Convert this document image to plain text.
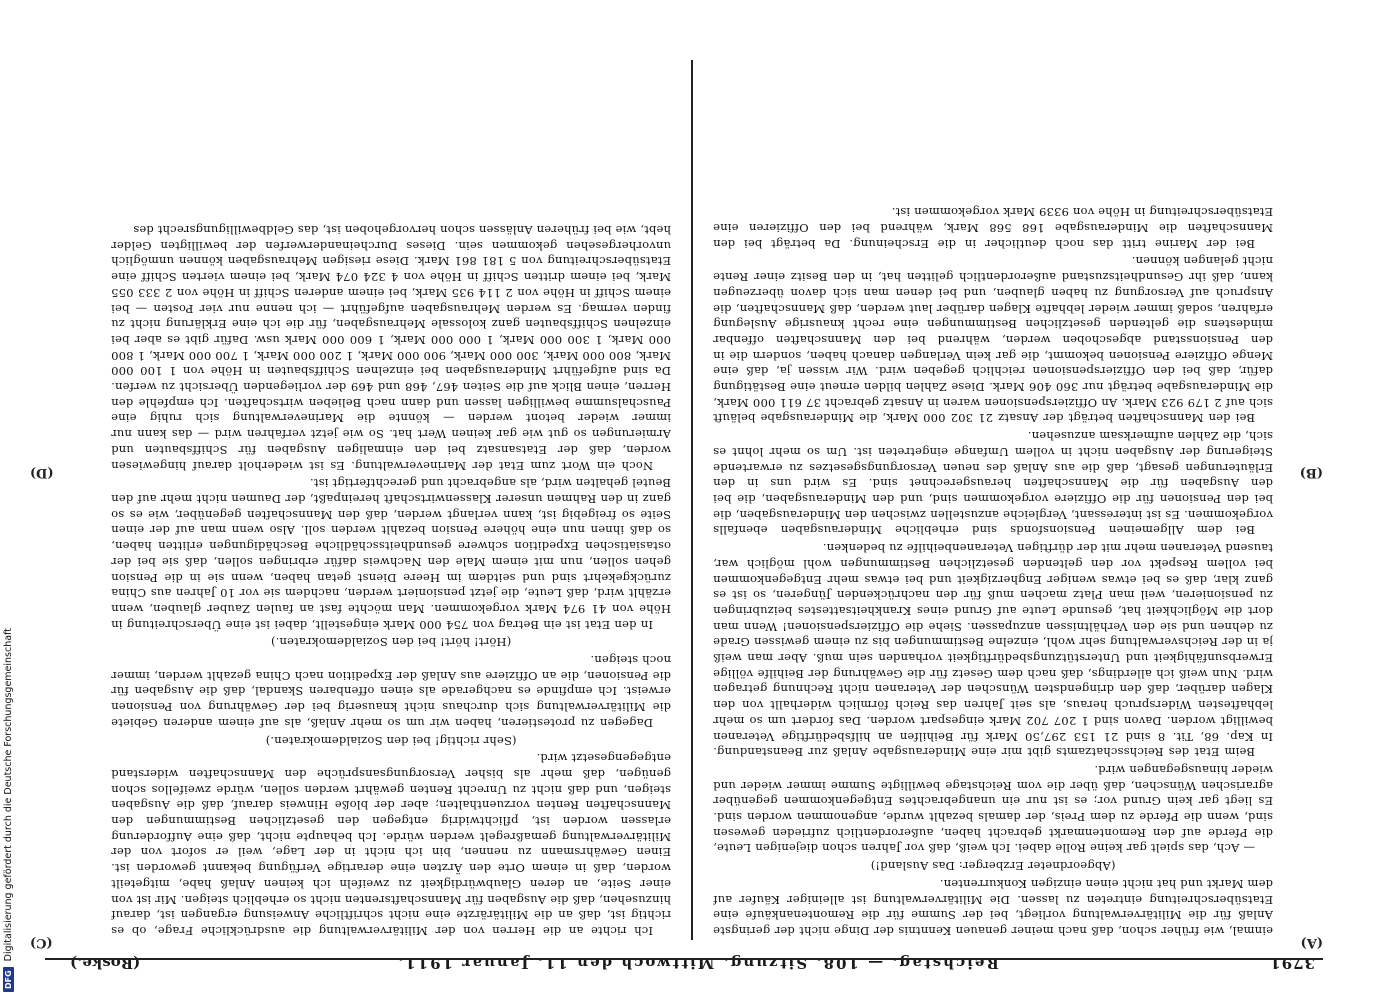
3791
Reichstag. — 108. Sitzung. Mittwoch den 11. Januar 1911.
(Roske.)
(A)
(B)
(C)
(D)

einmal, wie früher schon, daß nach meiner genauen Kenntnis der Dinge nicht der geringste Anlaß für die Militärverwaltung vorliegt, bei der Summe für die Remontenankäufe eine Etatsüberschreitung eintreten zu lassen. Die Militärverwaltung ist alleiniger Käufer auf dem Markt und hat nicht einen einzigen Konkurrenten.

(Abgeordneter Erzberger: Das Ausland!)

— Ach, das spielt gar keine Rolle dabei. Ich weiß, daß vor Jahren schon diejenigen Leute, die Pferde auf den Remontenmarkt gebracht haben, außerordentlich zufrieden gewesen sind, wenn die Pferde zu dem Preis, der damals bezahlt wurde, angenommen worden sind. Es liegt gar kein Grund vor; es ist nur ein unangebrachtes Entgegenkommen gegenüber agrarischen Wünschen, daß über die vom Reichstage bewilligte Summe immer wieder und wieder hinausgegangen wird.

Beim Etat des Reichsschatzamts gibt mir eine Minderausgabe Anlaß zur Beanstandung. In Kap. 68, Tit. 8 sind 21 153 297,50 Mark für Beihilfen an hilfsbedürftige Veteranen bewilligt worden. Davon sind 1 207 702 Mark eingespart worden. Das fordert um so mehr lebhaftesten Widerspruch heraus, als seit Jahren das Reich förmlich widerhallt von den Klagen darüber, daß den dringendsten Wünschen der Veteranen nicht Rechnung getragen wird. Nun weiß ich allerdings, daß nach dem Gesetz für die Gewährung der Beihilfe völlige Erwerbsunfähigkeit und Unterstützungsbedürftigkeit vorhanden sein muß. Aber man weiß ja in der Reichsverwaltung sehr wohl, einzelne Bestimmungen bis zu einem gewissen Grade zu dehnen und sie den Verhältnissen anzupassen. Siehe die Offizierspensionen! Wenn man dort die Möglichkeit hat, gesunde Leute auf Grund eines Krankheitsattestes beizubringen zu pensionieren, weil man Platz machen muß für den nachrückenden Jüngeren, so ist es ganz klar, daß es bei etwas weniger Engherzigkeit und bei etwas mehr Entgegenkommen bei vollem Respekt vor den geltenden gesetzlichen Bestimmungen wohl möglich war, tausend Veteranen mehr mit der dürftigen Veteranenbeihilfe zu bedenken.

Bei dem Allgemeinen Pensionsfonds sind erhebliche Minderausgaben ebenfalls vorgekommen. Es ist interessant, Vergleiche anzustellen zwischen den Minderausgaben, die bei den Pensionen für die Offiziere vorgekommen sind, und den Minderausgaben, die bei den Ausgaben für die Mannschaften herausgerechnet sind. Es wird uns in den Erläuterungen gesagt, daß die aus Anlaß des neuen Versorgungsgesetzes zu erwartende Steigerung der Ausgaben nicht in vollem Umfange eingetreten ist. Um so mehr lohnt es sich, die Zahlen aufmerksam anzusehen.

Bei den Mannschaften beträgt der Ansatz 21 302 000 Mark, die Minderausgabe beläuft sich auf 2 179 923 Mark. An Offizierspensionen waren in Ansatz gebracht 37 611 000 Mark, die Minderausgabe beträgt nur 360 406 Mark. Diese Zahlen bilden erneut eine Bestätigung dafür, daß bei den Offizierspensionen reichlich gegeben wird. Wir wissen ja, daß eine Menge Offiziere Pensionen bekommt, die gar kein Verlangen danach haben, sondern die in den Pensionsstand abgeschoben werden, während bei den Mannschaften offenbar mindestens die geltenden gesetzlichen Bestimmungen eine recht knausrige Auslegung erfahren, sodaß immer wieder lebhafte Klagen darüber laut werden, daß Mannschaften, die Anspruch auf Versorgung zu haben glauben, und bei denen man sich davon überzeugen kann, daß ihr Gesundheitszustand außerordentlich gelitten hat, in den Besitz einer Rente nicht gelangen können.

Bei der Marine tritt das noch deutlicher in die Erscheinung. Da beträgt bei den Mannschaften die Minderausgabe 168 568 Mark, während bei den Offizieren eine Etatsüberschreitung in Höhe von 9339 Mark vorgekommen ist.

Ich richte an die Herren von der Militärverwaltung die ausdrückliche Frage, ob es richtig ist, daß an die Militärärzte eine nicht schriftliche Anweisung ergangen ist, darauf hinzusehen, daß die Ausgaben für Mannschaftsrenten nicht so erheblich steigen. Mir ist von einer Seite, an deren Glaubwürdigkeit zu zweifeln ich keinen Anlaß habe, mitgeteilt worden, daß in einem Orte den Ärzten eine derartige Verfügung bekannt geworden ist. Einen Gewährsmann zu nennen, bin ich nicht in der Lage, weil er sofort von der Militärverwaltung gemaßregelt werden würde. Ich behaupte nicht, daß eine Aufforderung erlassen worden ist, pflichtwidrig entgegen den gesetzlichen Bestimmungen den Mannschaften Renten vorzuenthalten; aber der bloße Hinweis darauf, daß die Ausgaben steigen, und daß nicht zu Unrecht Renten gewährt werden sollen, würde zweifellos schon genügen, daß mehr als bisher Versorgungsansprüche den Mannschaften widerstand entgegengesetzt wird.

(Sehr richtig! bei den Sozialdemokraten.)

Dagegen zu protestieren, haben wir um so mehr Anlaß, als auf einem anderen Gebiete die Militärverwaltung sich durchaus nicht knauserig bei der Gewährung von Pensionen erweist. Ich empfinde es nachgerade als einen offenbaren Skandal, daß die Ausgaben für die Pensionen, die an Offiziere aus Anlaß der Expedition nach China gezahlt werden, immer noch steigen.

(Hört! hört! bei den Sozialdemokraten.)

In den Etat ist ein Betrag von 754 000 Mark eingestellt, dabei ist eine Überschreitung in Höhe von 41 974 Mark vorgekommen. Man möchte fast an faulen Zauber glauben, wenn erzählt wird, daß Leute, die jetzt pensioniert werden, nachdem sie vor 10 Jahren aus China zurückgekehrt sind und seitdem im Heere Dienst getan haben, wenn sie in die Pension gehen sollen, nun mit einem Male den Nachweis dafür erbringen sollen, daß sie bei der ostasiatischen Expedition schwere gesundheitsschädliche Beschädigungen erlitten haben, so daß ihnen nun eine höhere Pension bezahlt werden soll. Also wenn man auf der einen Seite so freigebig ist, kann verlangt werden, daß den Mannschaften gegenüber, wie es so ganz in den Rahmen unserer Klassenwirtschaft hereinpaßt, der Daumen nicht mehr auf den Beutel gehalten wird, als angebracht und gerechtfertigt ist.

Noch ein Wort zum Etat der Marineverwaltung. Es ist wiederholt darauf hingewiesen worden, daß der Etatsansatz bei den einmaligen Ausgaben für Schiffsbauten und Armierungen so gut wie gar keinen Wert hat. So wie jetzt verfahren wird — das kann nur immer wieder betont werden — könnte die Marineverwaltung sich ruhig eine Pauschalsumme bewilligen lassen und dann nach Belieben wirtschaften. Ich empfehle den Herren, einen Blick auf die Seiten 467, 468 und 469 der vorliegenden Übersicht zu werfen. Da sind aufgeführt Minderausgaben bei einzelnen Schiffsbauten in Höhe von 1 100 000 Mark, 800 000 Mark, 300 000 Mark, 900 000 Mark, 1 200 000 Mark, 1 700 000 Mark, 1 800 000 Mark, 1 300 000 Mark, 1 000 000 Mark, 1 600 000 Mark usw. Dafür gibt es aber bei einzelnen Schiffsbauten ganz kolossale Mehrausgaben, für die ich eine Erklärung nicht zu finden vermag. Es werden Mehrausgaben aufgeführt — ich nenne nur vier Posten — bei einem Schiff in Höhe von 2 114 935 Mark, bei einem anderen Schiff in Höhe von 2 333 055 Mark, bei einem dritten Schiff in Höhe von 4 324 074 Mark, bei einem vierten Schiff eine Etatsüberschreitung von 5 181 861 Mark. Diese riesigen Mehrausgaben können unmöglich unvorhergesehen gekommen sein. Dieses Durcheinanderwerfen der bewilligten Gelder hebt, wie bei früheren Anlässen schon hervorgehoben ist, das Geldbewilligungsrecht des

DFGDigitalisierung gefördert durch die Deutsche Forschungsgemeinschaft
